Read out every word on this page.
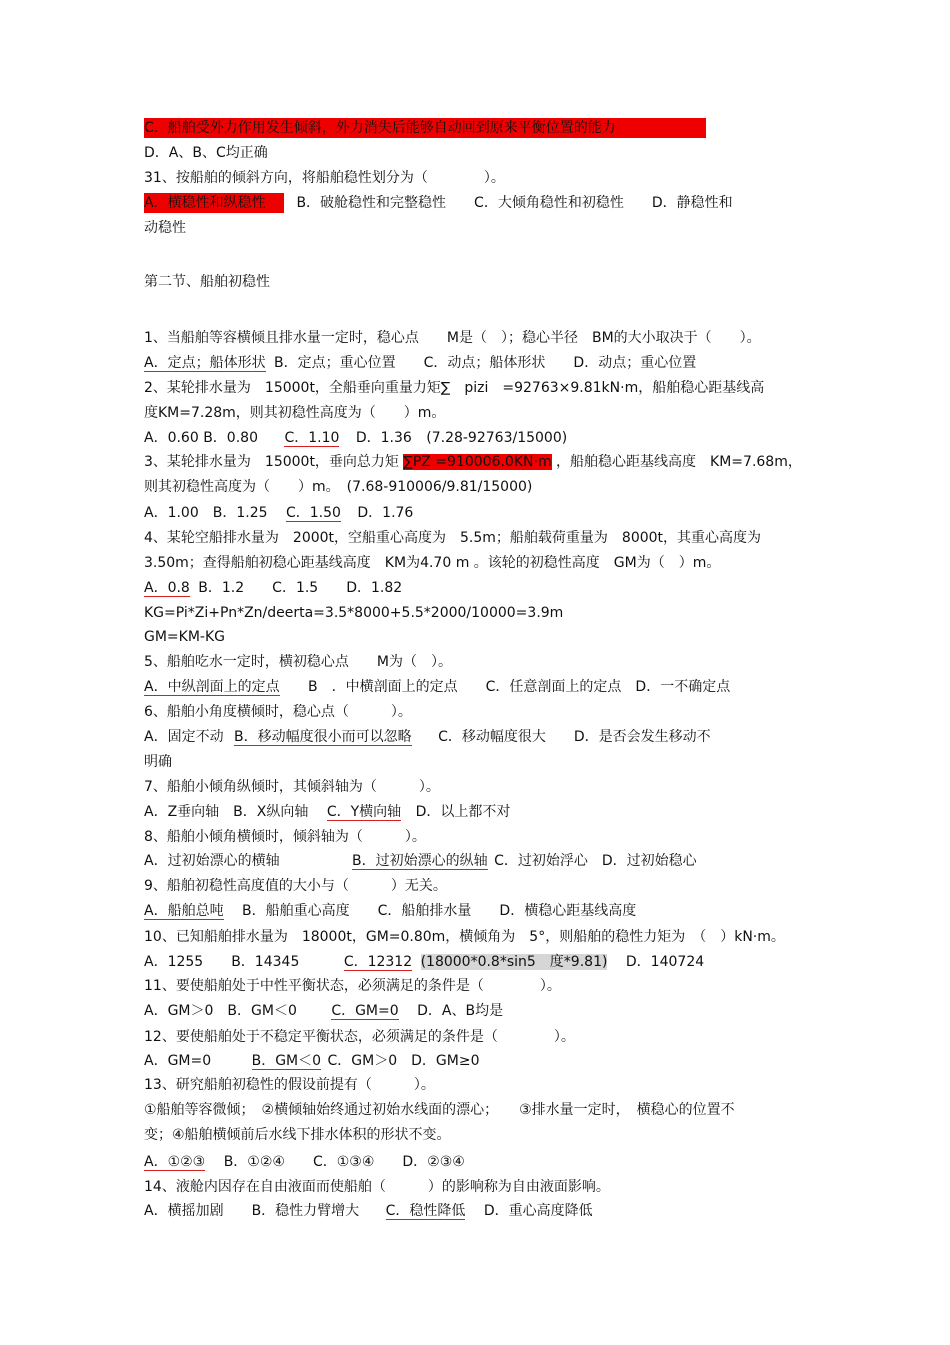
C．船舶受外力作用发生倾斜，外力消失后能够自动回到原来平衡位置的能力
D．A、B、C均正确
31、按船舶的倾斜方向，将船舶稳性划分为（　　　　）。
A．横稳性和纵稳性 B．破舱稳性和完整稳性　　C．大倾角稳性和初稳性　　D．静稳性和
动稳性
第二节、船舶初稳性
1、当船舶等容横倾且排水量一定时，稳心点　　M是（　）；稳心半径　BM的大小取决于（　　）。
A．定点；船体形状 B．定点；重心位置　　C．动点；船体形状　　D．动点；重心位置
2、某轮排水量为　15000t，全船垂向重量力矩∑　pizi　=92763×9.81kN·m，船舶稳心距基线高
度KM=7.28m，则其初稳性高度为（　　）m。
A．0.60 B．0.80 C．1.10 D．1.36 (7.28-92763/15000)
3、某轮排水量为　15000t，垂向总力矩 ∑PZ =910006.0KN·m ，船舶稳心距基线高度　KM=7.68m，
则其初稳性高度为（　　）m。　(7.68-910006/9.81/15000)
A．1.00　B．1.25 C．1.50 D．1.76
4、某轮空船排水量为　2000t，空船重心高度为　5.5m；船舶载荷重量为　8000t，其重心高度为
3.50m；查得船舶初稳心距基线高度　KM为4.70 m 。该轮的初稳性高度　GM为（　）m。
A．0.8 B．1.2　　C．1.5　　D．1.82
KG=Pi*Zi+Pn*Zn/deerta=3.5*8000+5.5*2000/10000=3.9m
GM=KM-KG
5、船舶吃水一定时，横初稳心点　　M为（　）。
A．中纵剖面上的定点 B　．中横剖面上的定点　　C．任意剖面上的定点　D．一不确定点
6、船舶小角度横倾时，稳心点（　　　）。
A．固定不动 B．移动幅度很小而可以忽略 C．移动幅度很大　　D．是否会发生移动不
明确
7、船舶小倾角纵倾时，其倾斜轴为（　　　）。
A．Z垂向轴　B．X纵向轴 C．Y横向轴 D．以上都不对
8、船舶小倾角横倾时，倾斜轴为（　　　）。
A．过初始漂心的横轴	B．过初始漂心的纵轴 C．过初始浮心　D．过初始稳心
9、船舶初稳性高度值的大小与（　　　）无关。
A．船舶总吨 B．船舶重心高度　　C．船舶排水量　　D．横稳心距基线高度
10、已知船舶排水量为　18000t，GM=0.80m，横倾角为　5°，则船舶的稳性力矩为　（　）kN·m。
A．1255　　B．14345	C．12312 (18000*0.8*sin5　度*9.81) D．140724
11、要使船舶处于中性平衡状态，必须满足的条件是（　　　　）。
A．GM＞0　B．GM＜0 C．GM=0 D．A、B均是
12、要使船舶处于不稳定平衡状态，必须满足的条件是（　　　　）。
A．GM=0	B．GM＜0 C．GM＞0　D．GM≥0
13、研究船舶初稳性的假设前提有（　　　）。
①船舶等容微倾；　②横倾轴始终通过初始水线面的漂心；　　③排水量一定时，　横稳心的位置不
变；④船舶横倾前后水线下排水体积的形状不变。
A．①②③ B．①②④　　C．①③④　　D．②③④
14、液舱内因存在自由液面而使船舶（　　　）的影响称为自由液面影响。
A．横摇加剧　　B．稳性力臂增大 C．稳性降低 D．重心高度降低
